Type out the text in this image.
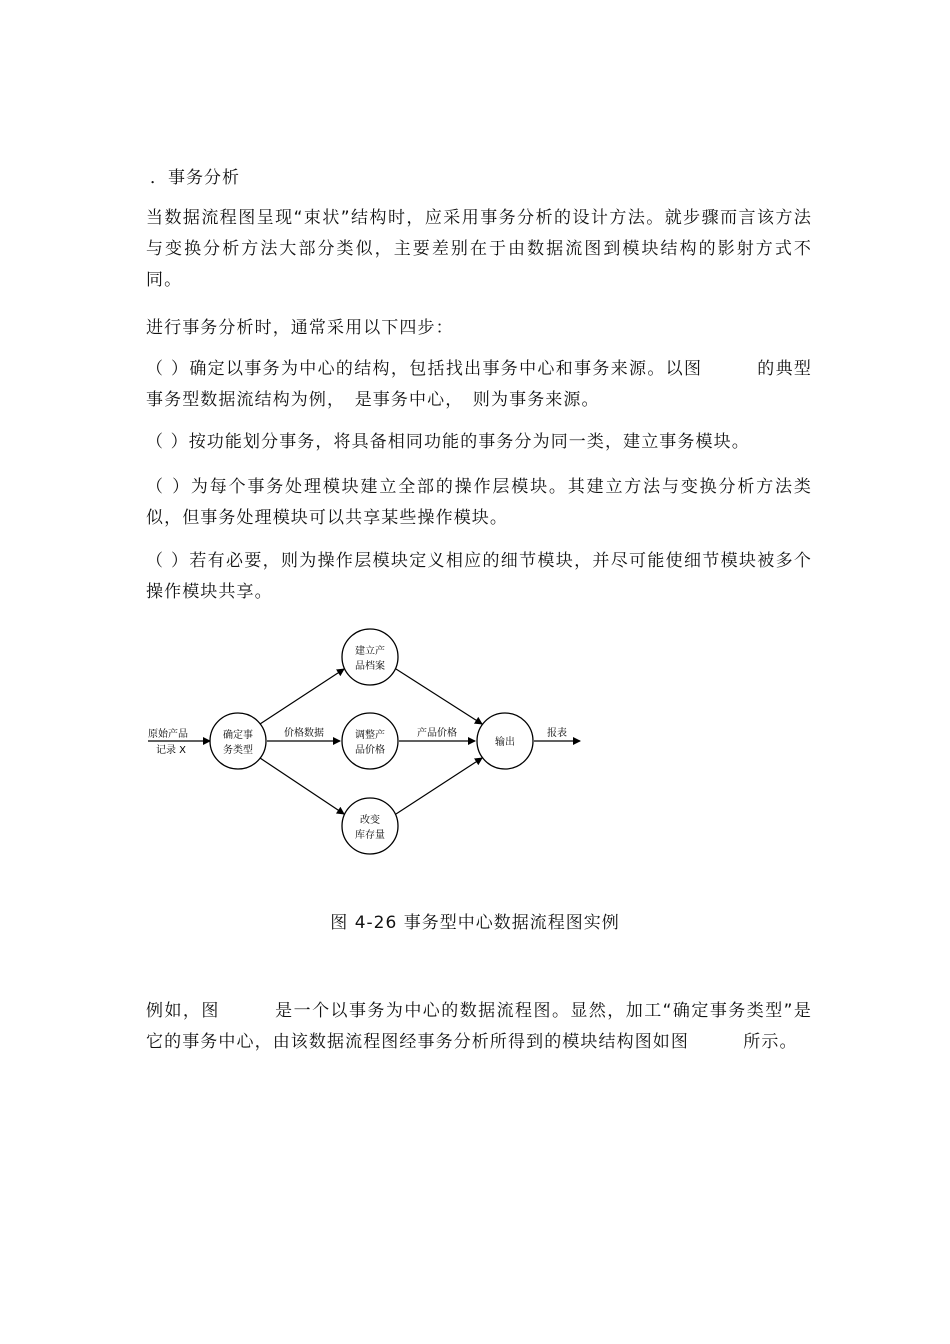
．事务分析

当数据流程图呈现“束状”结构时，应采用事务分析的设计方法。就步骤而言该方法与变换分析方法大部分类似，主要差别在于由数据流图到模块结构的影射方式不同。

进行事务分析时，通常采用以下四步：

（ ）确定以事务为中心的结构，包括找出事务中心和事务来源。以图　　　的典型事务型数据流结构为例，　是事务中心，　则为事务来源。

（ ）按功能划分事务，将具备相同功能的事务分为同一类，建立事务模块。

（ ）为每个事务处理模块建立全部的操作层模块。其建立方法与变换分析方法类似，但事务处理模块可以共享某些操作模块。

（ ）若有必要，则为操作层模块定义相应的细节模块，并尽可能使细节模块被多个操作模块共享。

原始产品
记录 X
确定事
务类型
建立产
品档案
调整产
品价格
改变
库存量
输出
价格数据	产品价格	报表
图 4-26 事务型中心数据流程图实例

例如，图　　　是一个以事务为中心的数据流程图。显然，加工“确定事务类型”是它的事务中心，由该数据流程图经事务分析所得到的模块结构图如图　　　所示。
